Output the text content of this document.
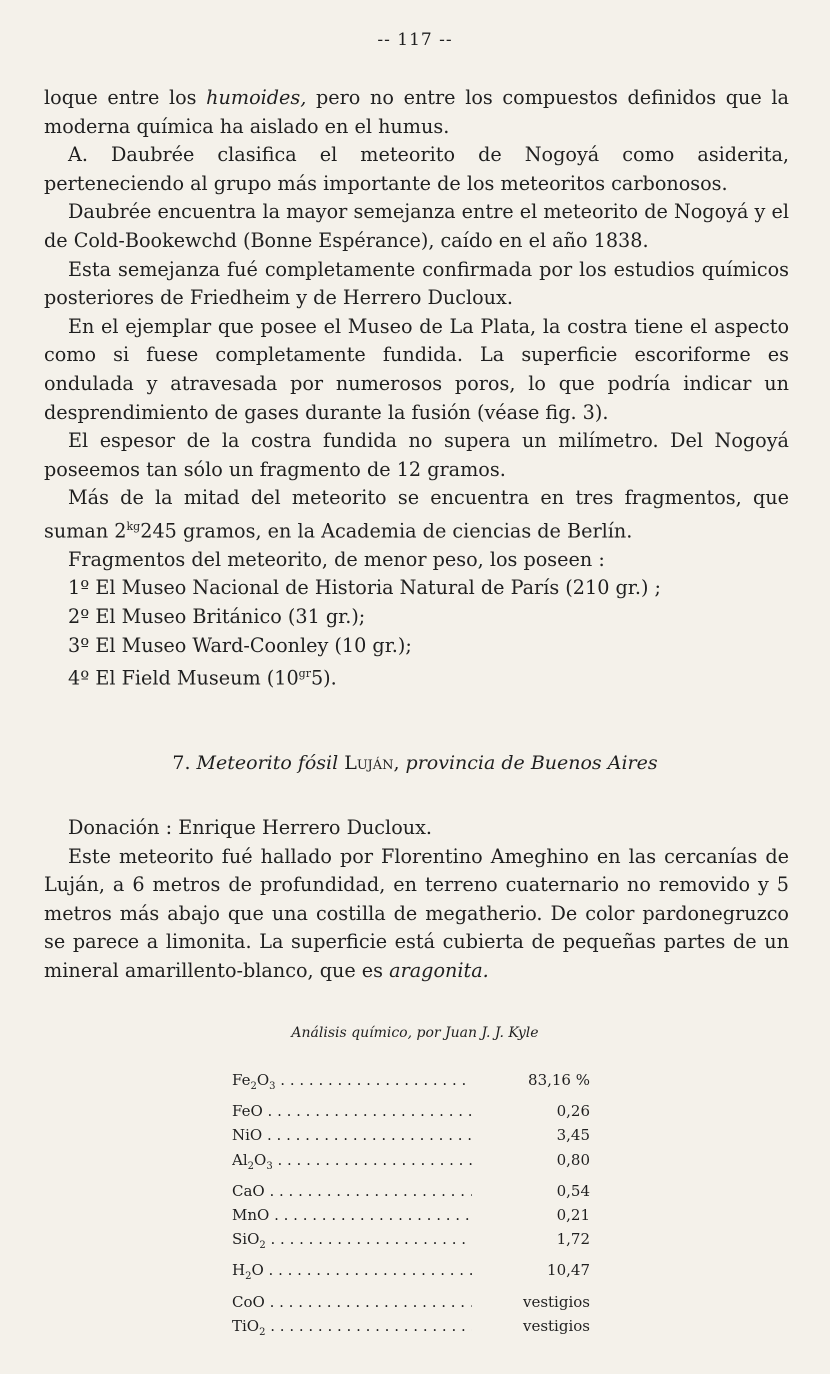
-- 117 --

loque entre los humoides, pero no entre los compuestos definidos que la moderna química ha aislado en el humus.

A. Daubrée clasifica el meteorito de Nogoyá como asiderita, perteneciendo al grupo más importante de los meteoritos carbonosos.

Daubrée encuentra la mayor semejanza entre el meteorito de Nogoyá y el de Cold-Bookewchd (Bonne Espérance), caído en el año 1838.

Esta semejanza fué completamente confirmada por los estudios químicos posteriores de Friedheim y de Herrero Ducloux.

En el ejemplar que posee el Museo de La Plata, la costra tiene el aspecto como si fuese completamente fundida. La superficie escoriforme es ondulada y atravesada por numerosos poros, lo que podría indicar un desprendimiento de gases durante la fusión (véase fig. 3).

El espesor de la costra fundida no supera un milímetro. Del Nogoyá poseemos tan sólo un fragmento de 12 gramos.

Más de la mitad del meteorito se encuentra en tres fragmentos, que suman $2^{kg}245$ gramos, en la Academia de ciencias de Berlín.

Fragmentos del meteorito, de menor peso, los poseen :

1º El Museo Nacional de Historia Natural de París (210 gr.) ;
2º El Museo Británico (31 gr.);
3º El Museo Ward-Coonley (10 gr.);
4º El Field Museum $(10^{gr}5)$.
7. Meteorito fósil Luján, provincia de Buenos Aires

Donación : Enrique Herrero Ducloux.

Este meteorito fué hallado por Florentino Ameghino en las cercanías de Luján, a 6 metros de profundidad, en terreno cuaternario no removido y 5 metros más abajo que una costilla de megatherio. De color pardonegruzco se parece a limonita. La superficie está cubierta de pequeñas partes de un mineral amarillento-blanco, que es aragonita.

Análisis químico, por Juan J. J. Kyle
$Fe_2O_3$ . . .	83,16 %
FeO . . .	0,26
NiO . . .	3,45
$Al_2O_3$ . . .	0,80
CaO . . .	0,54
MnO . . .	0,21
SiO$_2$ . . .	1,72
$H_2O$ . . .	10,47
CoO . . .	vestigios
TiO$_2$ . . .	vestigios
